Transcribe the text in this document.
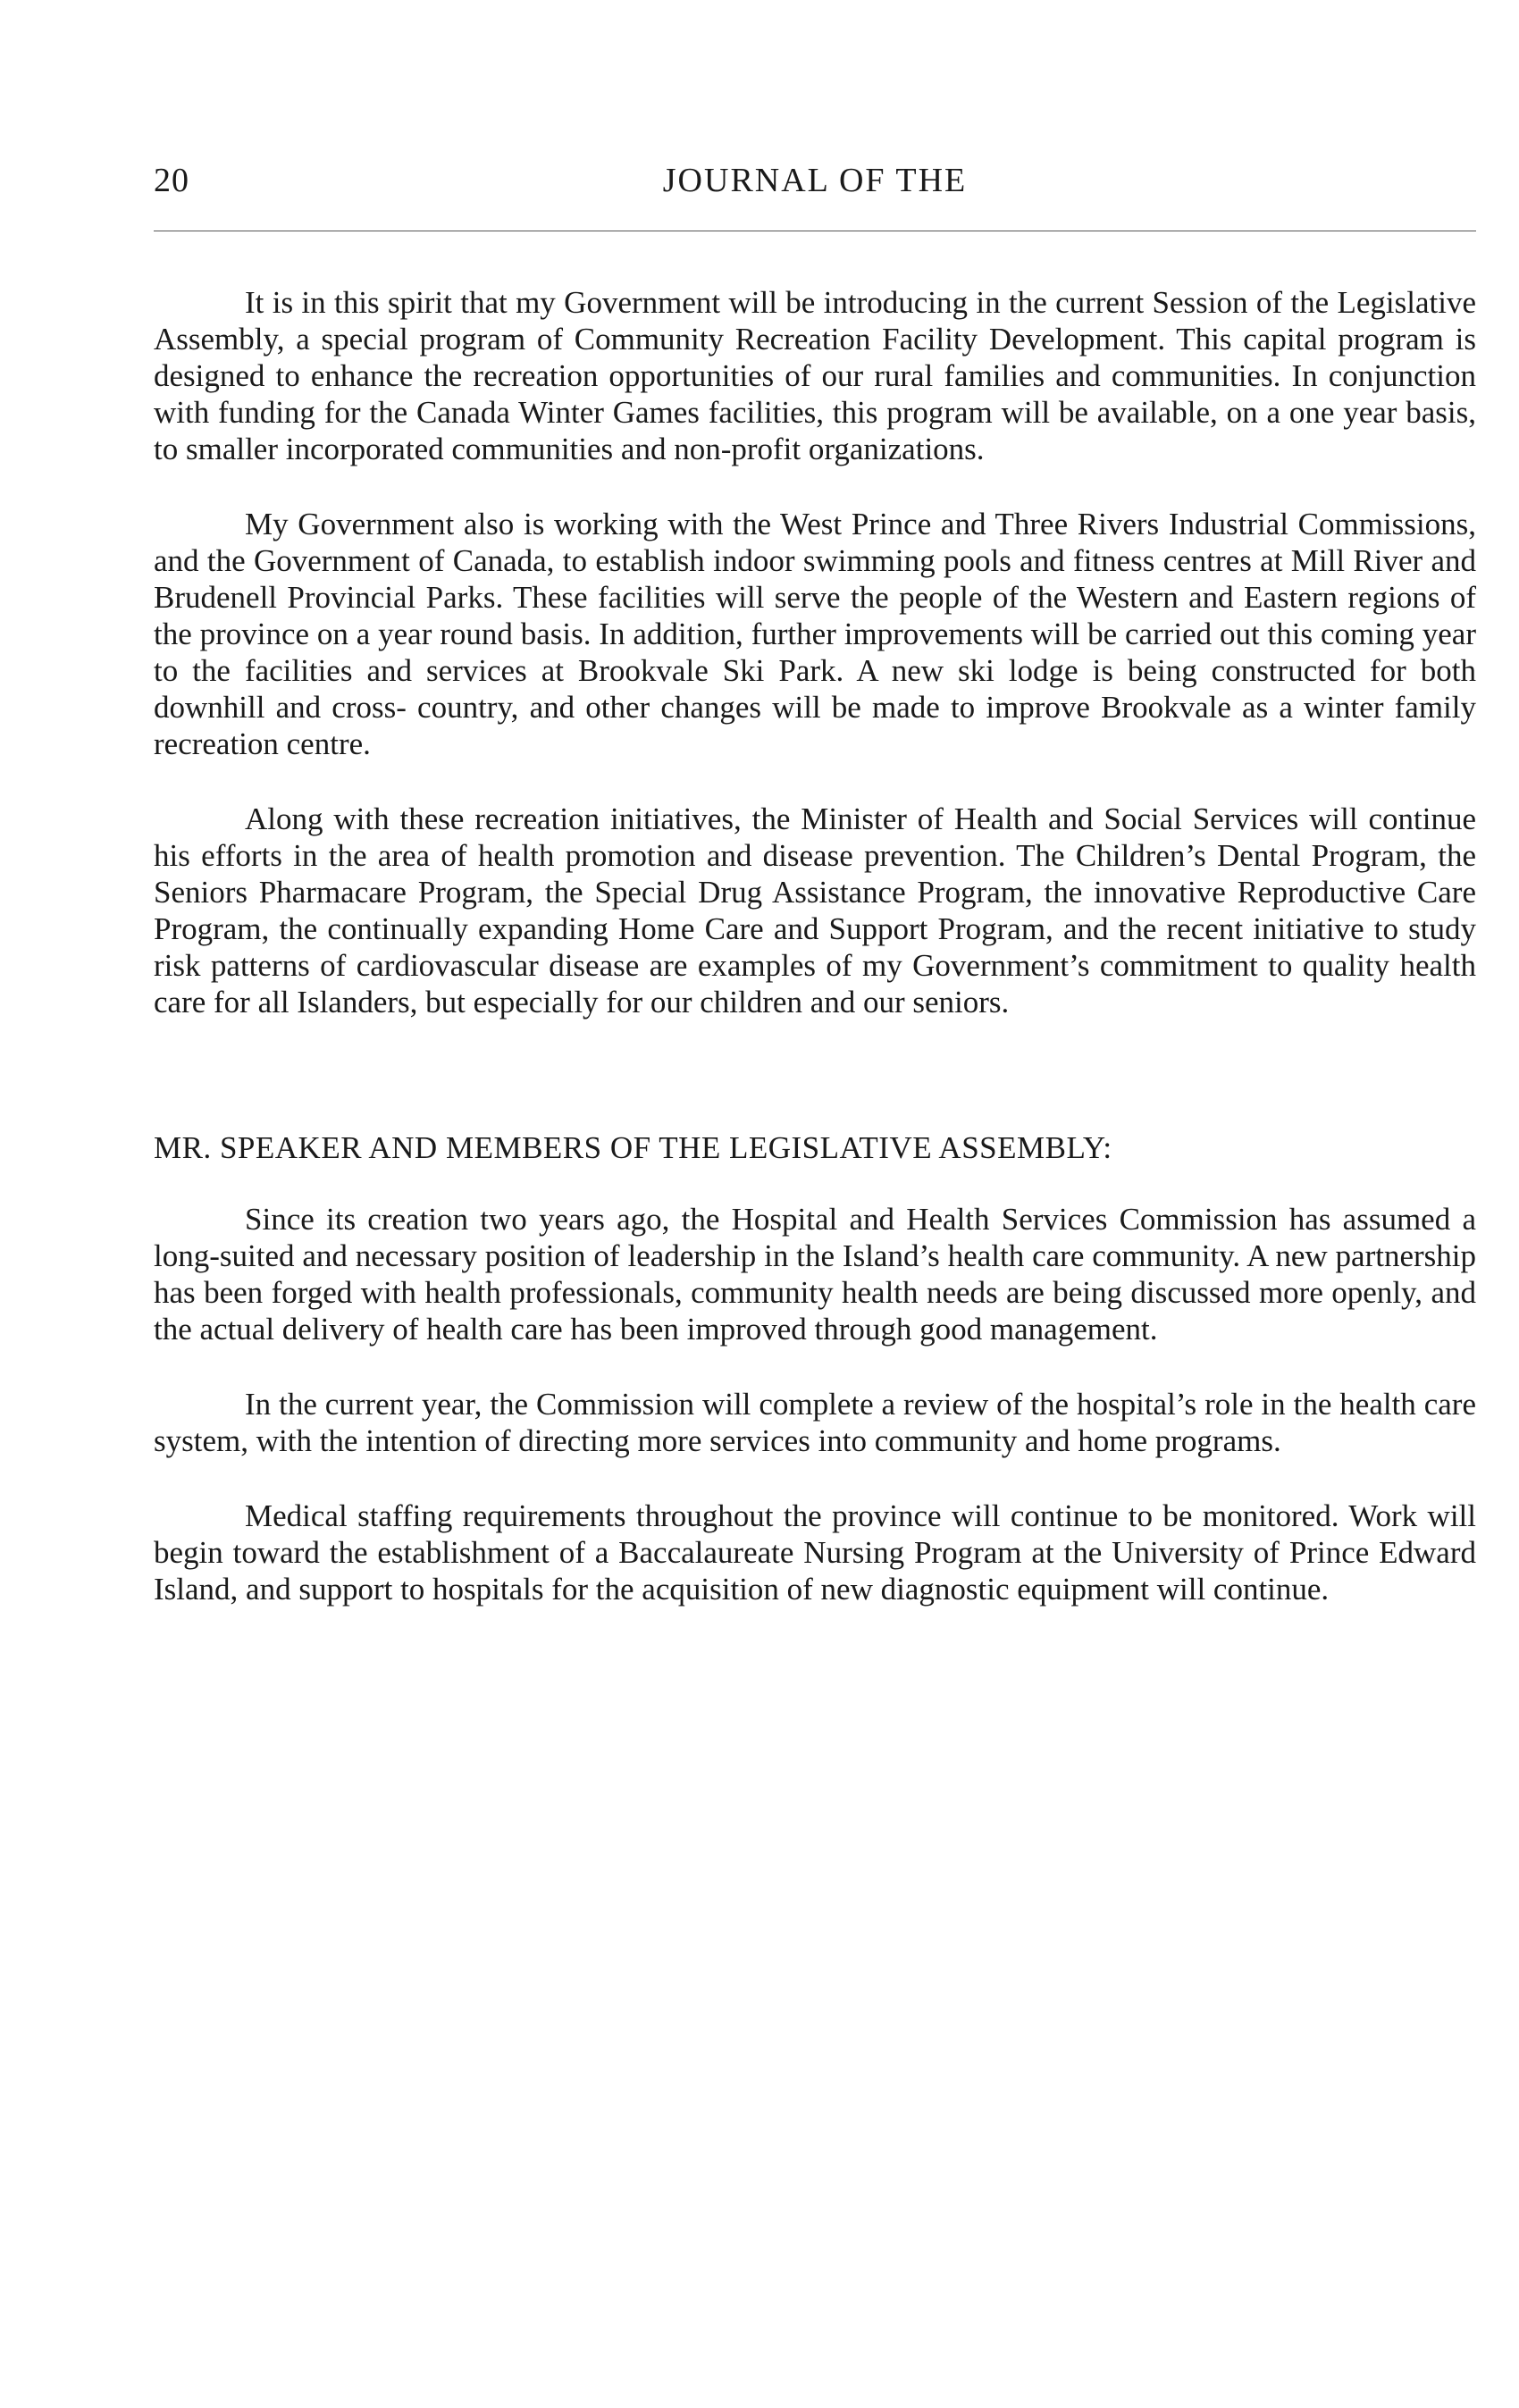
20	JOURNAL OF THE

It is in this spirit that my Government will be introducing in the current Session of the Legislative Assembly, a special program of Community Recreation Facility Development. This capital program is designed to enhance the recreation opportunities of our rural families and communities. In conjunction with funding for the Canada Winter Games facilities, this program will be available, on a one year basis, to smaller incorporated communities and non-profit organizations.

My Government also is working with the West Prince and Three Rivers Industrial Commissions, and the Government of Canada, to establish indoor swimming pools and fitness centres at Mill River and Brudenell Provincial Parks. These facilities will serve the people of the Western and Eastern regions of the province on a year round basis. In addition, further improvements will be carried out this coming year to the facilities and services at Brookvale Ski Park. A new ski lodge is being constructed for both downhill and cross- country, and other changes will be made to improve Brookvale as a winter family recreation centre.

Along with these recreation initiatives, the Minister of Health and Social Services will continue his efforts in the area of health promotion and disease prevention. The Children’s Dental Program, the Seniors Pharmacare Program, the Special Drug Assistance Program, the innovative Reproductive Care Program, the continually expanding Home Care and Support Program, and the recent initiative to study risk patterns of cardiovascular disease are examples of my Government’s commitment to quality health care for all Islanders, but especially for our children and our seniors.

MR. SPEAKER AND MEMBERS OF THE LEGISLATIVE ASSEMBLY:

Since its creation two years ago, the Hospital and Health Services Commission has assumed a long-suited and necessary position of leadership in the Island’s health care community. A new partnership has been forged with health professionals, community health needs are being discussed more openly, and the actual delivery of health care has been improved through good management.

In the current year, the Commission will complete a review of the hospital’s role in the health care system, with the intention of directing more services into community and home programs.

Medical staffing requirements throughout the province will continue to be monitored. Work will begin toward the establishment of a Baccalaureate Nursing Program at the University of Prince Edward Island, and support to hospitals for the acquisition of new diagnostic equipment will continue.
